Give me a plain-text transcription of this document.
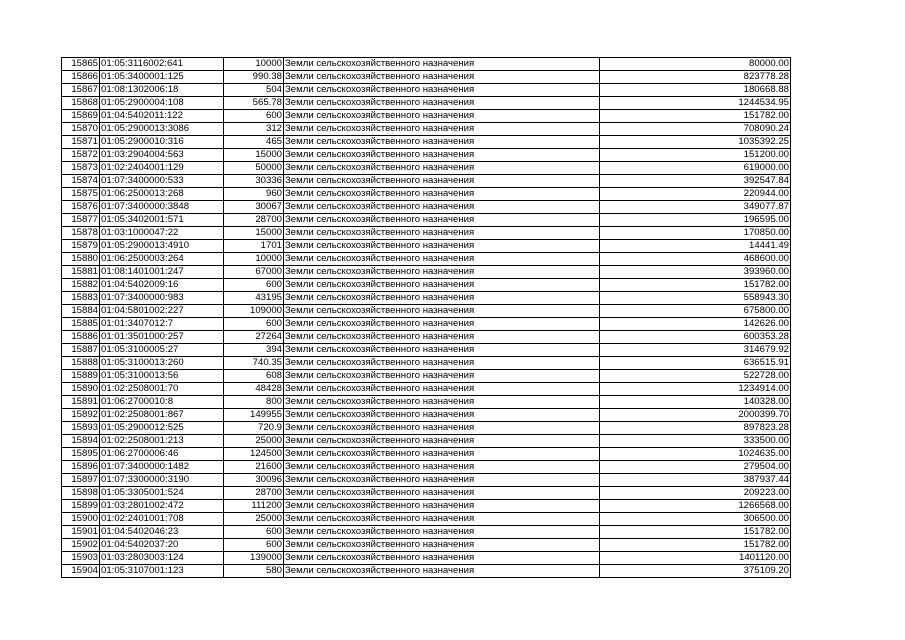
15865	01:05:3116002:641	10000	Земли сельскохозяйственного назначения	80000.00
15866	01:05:3400001:125	990.38	Земли сельскохозяйственного назначения	823778.28
15867	01:08:1302006:18	504	Земли сельскохозяйственного назначения	180668.88
15868	01:05:2900004:108	565.78	Земли сельскохозяйственного назначения	1244534.95
15869	01:04:5402011:122	600	Земли сельскохозяйственного назначения	151782.00
15870	01:05:2900013:3086	312	Земли сельскохозяйственного назначения	708090.24
15871	01:05:2900010:316	465	Земли сельскохозяйственного назначения	1035392.25
15872	01:03:2904004:563	15000	Земли сельскохозяйственного назначения	151200.00
15873	01:02:2404001:129	50000	Земли сельскохозяйственного назначения	619000.00
15874	01:07:3400000:533	30336	Земли сельскохозяйственного назначения	392547.84
15875	01:06:2500013:268	960	Земли сельскохозяйственного назначения	220944.00
15876	01:07:3400000:3848	30067	Земли сельскохозяйственного назначения	349077.87
15877	01:05:3402001:571	28700	Земли сельскохозяйственного назначения	196595.00
15878	01:03:1000047:22	15000	Земли сельскохозяйственного назначения	170850.00
15879	01:05:2900013:4910	1701	Земли сельскохозяйственного назначения	14441.49
15880	01:06:2500003:264	10000	Земли сельскохозяйственного назначения	468600.00
15881	01:08:1401001:247	67000	Земли сельскохозяйственного назначения	393960.00
15882	01:04:5402009:16	600	Земли сельскохозяйственного назначения	151782.00
15883	01:07:3400000:983	43195	Земли сельскохозяйственного назначения	558943.30
15884	01:04:5801002:227	109000	Земли сельскохозяйственного назначения	675800.00
15885	01:01:3407012:7	600	Земли сельскохозяйственного назначения	142626.00
15886	01:01:3501000:257	27264	Земли сельскохозяйственного назначения	600353.28
15887	01:05:3100005:27	394	Земли сельскохозяйственного назначения	314679.92
15888	01:05:3100013:260	740.35	Земли сельскохозяйственного назначения	636515.91
15889	01:05:3100013:56	608	Земли сельскохозяйственного назначения	522728.00
15890	01:02:2508001:70	48428	Земли сельскохозяйственного назначения	1234914.00
15891	01:06:2700010:8	800	Земли сельскохозяйственного назначения	140328.00
15892	01:02:2508001:867	149955	Земли сельскохозяйственного назначения	2000399.70
15893	01:05:2900012:525	720.9	Земли сельскохозяйственного назначения	897823.28
15894	01:02:2508001:213	25000	Земли сельскохозяйственного назначения	333500.00
15895	01:06:2700006:46	124500	Земли сельскохозяйственного назначения	1024635.00
15896	01:07:3400000:1482	21600	Земли сельскохозяйственного назначения	279504.00
15897	01:07:3300000:3190	30096	Земли сельскохозяйственного назначения	387937.44
15898	01:05:3305001:524	28700	Земли сельскохозяйственного назначения	209223.00
15899	01:03:2801002:472	111200	Земли сельскохозяйственного назначения	1266568.00
15900	01:02:2401001:708	25000	Земли сельскохозяйственного назначения	306500.00
15901	01:04:5402046:23	600	Земли сельскохозяйственного назначения	151782.00
15902	01:04:5402037:20	600	Земли сельскохозяйственного назначения	151782.00
15903	01:03:2803003:124	139000	Земли сельскохозяйственного назначения	1401120.00
15904	01:05:3107001:123	580	Земли сельскохозяйственного назначения	375109.20
